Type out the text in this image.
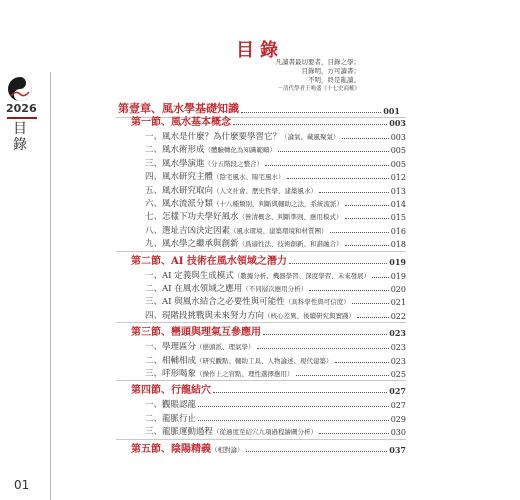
2026
目錄
01
目錄
凡讀書最切要者，目錄之學；
目錄明，方可讀書；
不明，終是亂讀。
－清代學者王鳴盛《十七史商榷》
第壹章、風水學基礎知識	001
第一節、風水基本概念	003
一、風水是什麼？為什麼要學習它？（論氣、藏風聚氣）	003
二、風水術形成（體驗轉化為知識範疇）	005
三、風水學演進（分五階段之整合）	005
四、風水研究主體（陰宅風水、陽宅風水）	012
五、風水研究取向（人文社會、歷史哲學、建築風水）	013
六、風水流派分類（十八種類別，判斷與輔助之法，系統流派）	014
七、怎樣下功夫學好風水（營清概念、判斷準則、應用模式）	015
八、選址吉凶決定因素（風水環境、建築環境和材質團）	016
九、風水學之繼承與創新（爲適性法、技術創新、和諧融合）	018
第二節、AI 技術在風水領域之潛力	019
一、AI 定義與生成模式（數據分析、機器學習、深度學習、未來發展）	019
二、AI 在風水領域之應用（不同層次應用分析）	020
三、AI 與風水結合之必要性與可能性（具科學性與可信度）	021
四、現階段挑戰與未來努力方向（核心差異、後續研究與實踐）	022
第三節、巒頭與理氣互參應用	023
一、學理區分（巒頭派、理氣學）	023
二、相輔相成（研究觀點、輔助工具、人物論述、現代建築）	023
三、呼形喝象（操作上之盲點、理性選擇應用）	025
第四節、行龍結穴	027
一、觀賬認龍	027
二、龍脈行止	029
三、龍脈運動過程（從過度至結穴九項過程繪圖分析）	030
第五節、陰陽精義（相對論）	037
